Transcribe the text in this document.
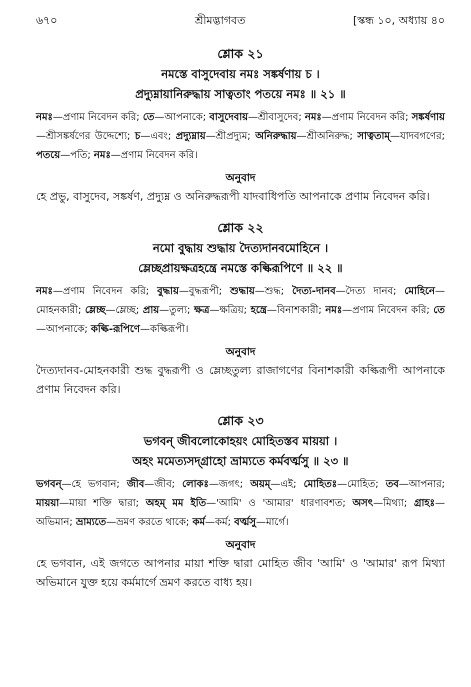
৬৭০	শ্রীমদ্ভাগবত	[স্কন্ধ ১০, অধ্যায় ৪০
শ্লোক ২১
নমস্তে বাসুদেবায় নমঃ সঙ্কর্ষণায় চ ।
প্রদ্যুম্নায়ানিরুদ্ধায় সাত্বতাং পতয়ে নমঃ ॥ ২১ ॥
নমঃ—প্রণাম নিবেদন করি; তে—আপনাকে; বাসুদেবায়—শ্রীবাসুদেব; নমঃ—প্রণাম নিবেদন করি; সঙ্কর্ষণায়—শ্রীসঙ্কর্ষণের উদ্দেশ্যে; চ—এবং; প্রদ্যুম্নায়—শ্রীপ্রদ্যুম; অনিরুদ্ধায়—শ্রীঅনিরুদ্ধ; সাত্বতাম্—যাদবগণের; পতয়ে—পতি; নমঃ—প্রণাম নিবেদন করি।
অনুবাদ
হে প্রভু, বাসুদেব, সঙ্কর্ষণ, প্রদ্যুম্ন ও অনিরুদ্ধরূপী যাদবাধিপতি আপনাকে প্রণাম নিবেদন করি।
শ্লোক ২২
নমো বুদ্ধায় শুদ্ধায় দৈত্যদানবমোহিনে ।
ম্লেচ্ছপ্রায়ক্ষত্রহন্ত্রে নমস্তে কল্কিরূপিণে ॥ ২২ ॥
নমঃ—প্রণাম নিবেদন করি; বুদ্ধায়—বুদ্ধরূপী; শুদ্ধায়—শুদ্ধ; দৈত্য-দানব—দৈত্য দানব; মোহিনে—মোহনকারী; ম্লেচ্ছ—ম্লেচ্ছ; প্রায়—তুল্য; ক্ষত্র—ক্ষত্রিয়; হন্ত্রে—বিনাশকারী; নমঃ—প্রণাম নিবেদন করি; তে—আপনাকে; কল্কি-রূপিণে—কল্কিরূপী।
অনুবাদ
দৈত্যদানব-মোহনকারী শুদ্ধ বুদ্ধরূপী ও ম্লেচ্ছতুল্য রাজাগণের বিনাশকারী কল্কিরূপী আপনাকে প্রণাম নিবেদন করি।
শ্লোক ২৩
ভগবন্ জীবলোকোহয়ং মোহিতস্তব মায়য়া ।
অহং মমেত্যসদ্গ্রাহো ভ্রাম্যতে কর্মবর্ত্মসু ॥ ২৩ ॥
ভগবন্—হে ভগবান; জীব—জীব; লোকঃ—জগৎ; অয়ম্—এই; মোহিতঃ—মোহিত; তব—আপনার; মায়য়া—মায়া শক্তি দ্বারা; অহম্ মম ইতি—'আমি' ও 'আমার' ধারণাবশত; অসৎ—মিথ্যা; গ্রাহঃ—অভিমান; ভ্রাম্যতে—ভ্রমণ করতে থাকে; কর্ম—কর্ম; বর্ত্মসু—মার্গে।
অনুবাদ
হে ভগবান, এই জগতে আপনার মায়া শক্তি দ্বারা মোহিত জীব 'আমি' ও 'আমার' রূপ মিথ্যা অভিমানে যুক্ত হয়ে কর্মমার্গে ভ্রমণ করতে বাধ্য হয়।
